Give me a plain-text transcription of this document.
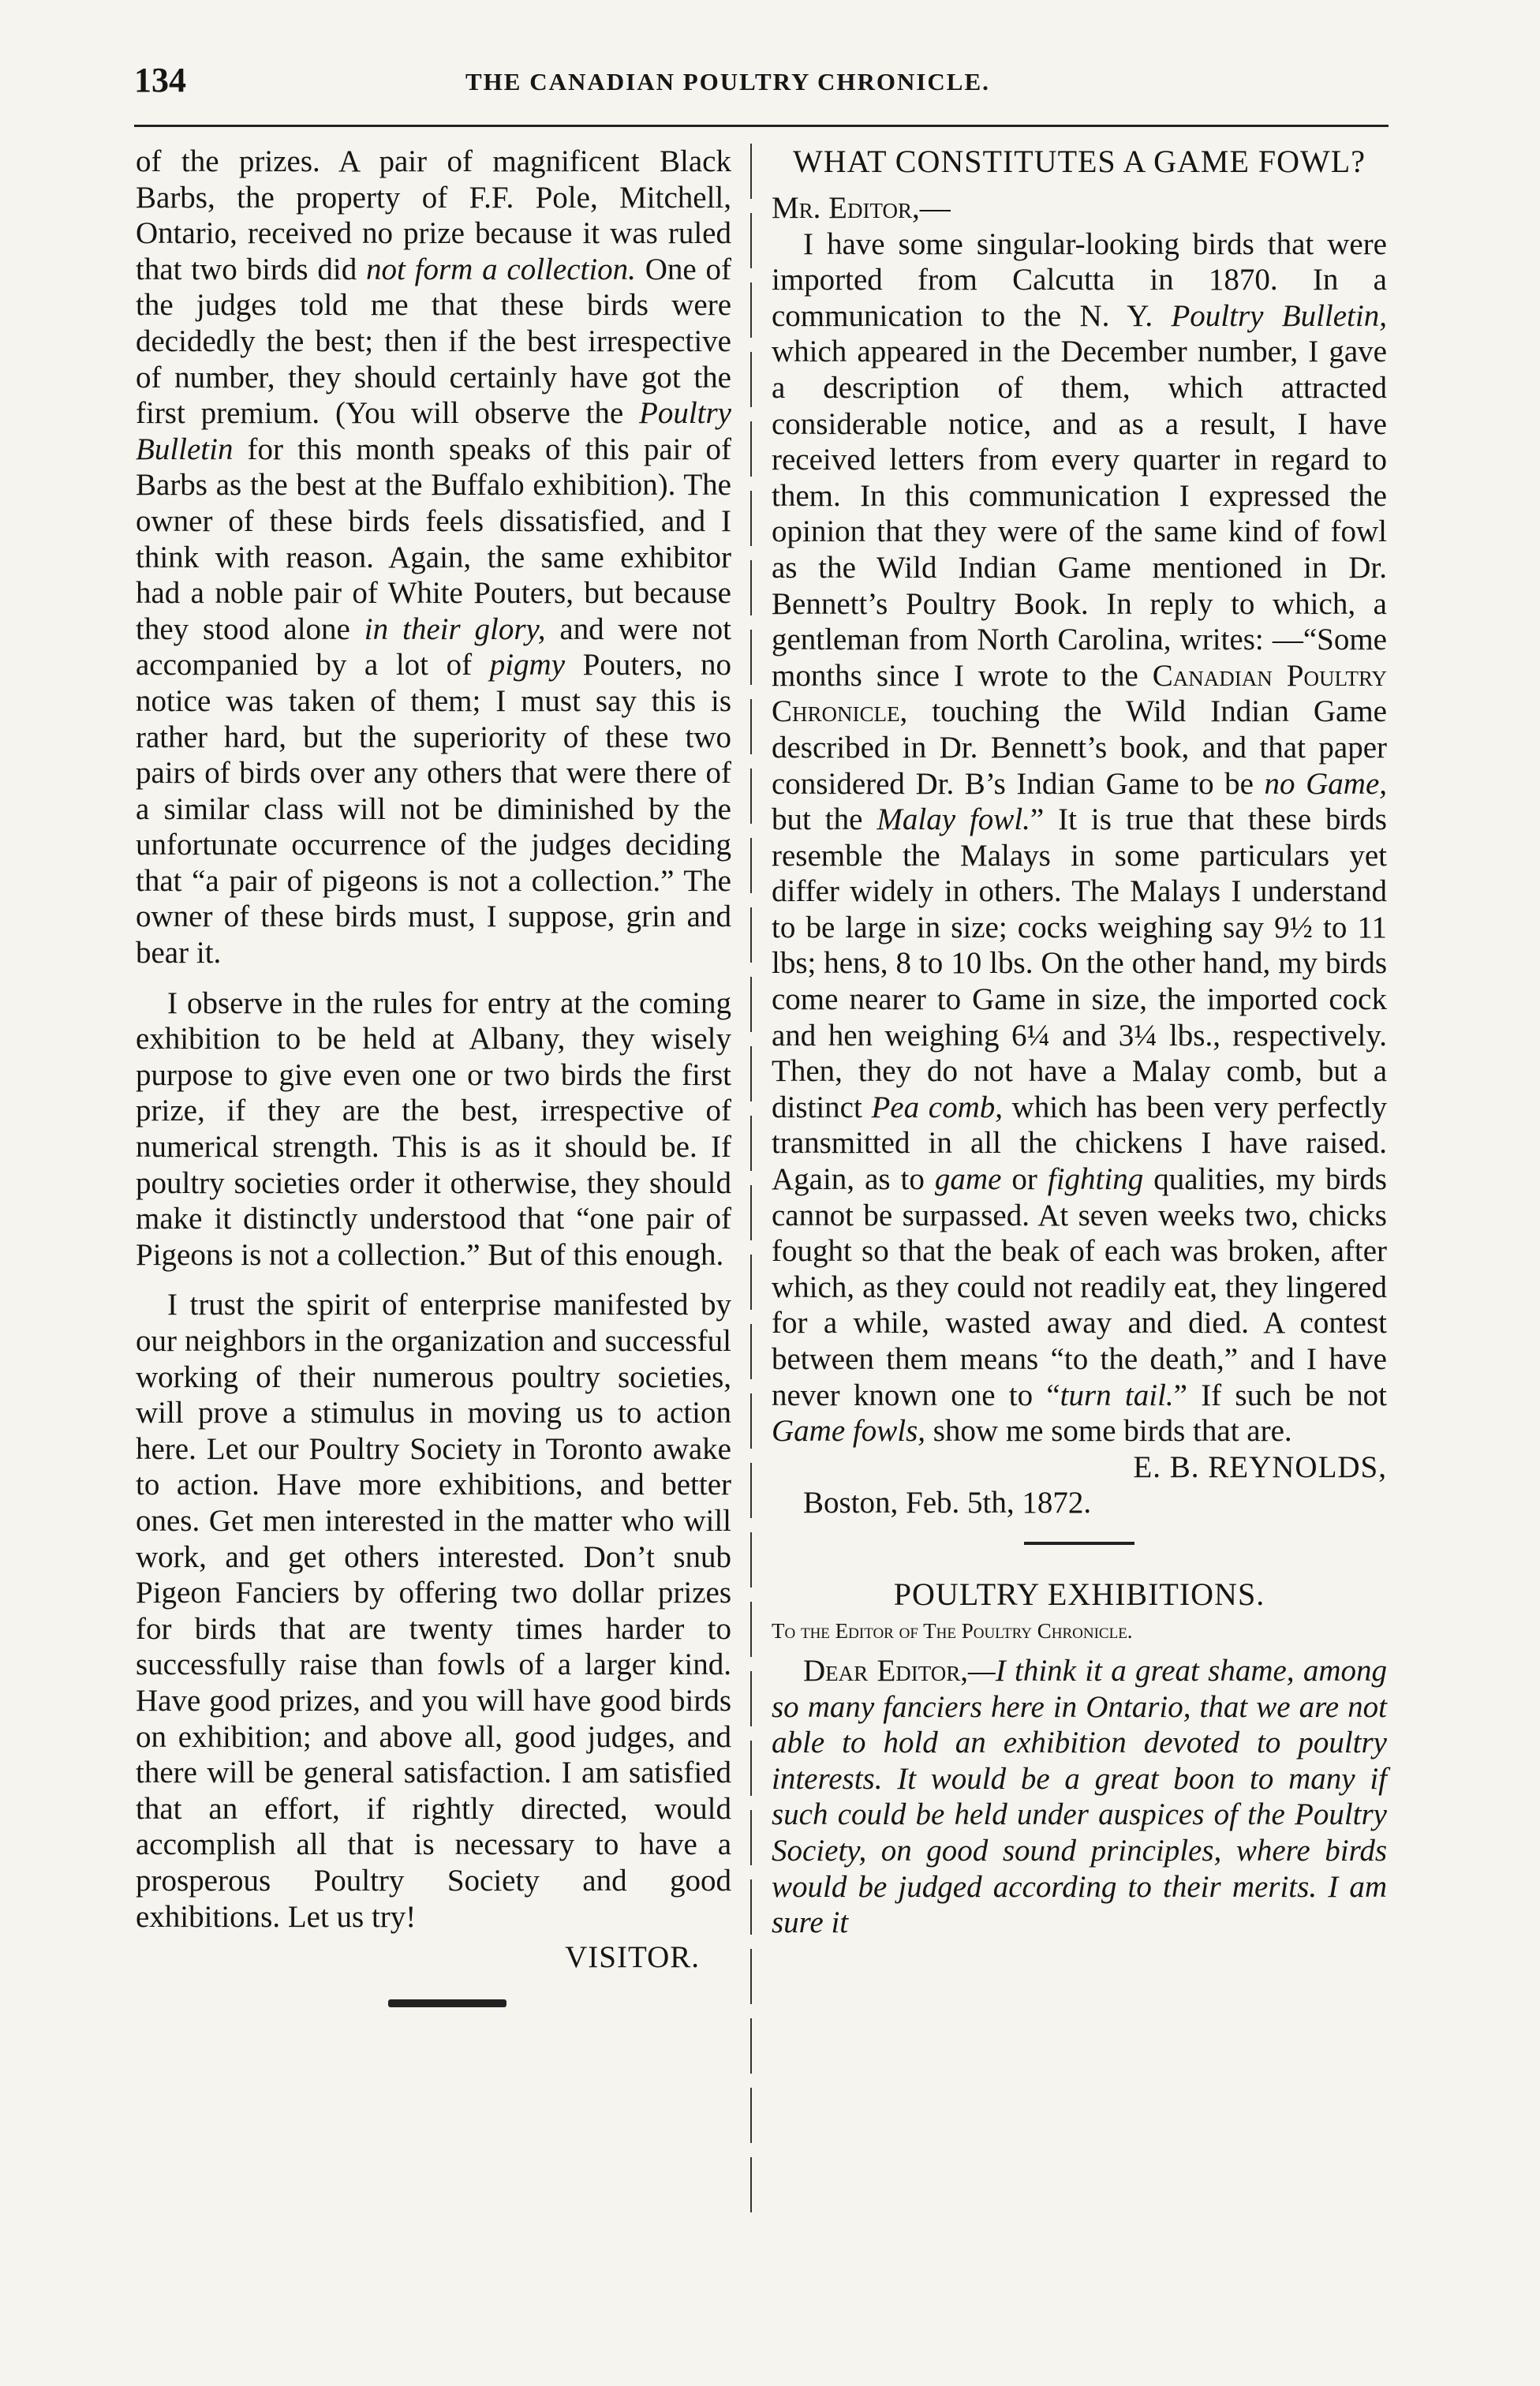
134	THE CANADIAN POULTRY CHRONICLE.

of the prizes. A pair of magnificent Black Barbs, the property of F.F. Pole, Mitchell, Ontario, received no prize because it was ruled that two birds did not form a collection. One of the judges told me that these birds were decidedly the best; then if the best irrespective of number, they should certainly have got the first premium. (You will observe the Poultry Bulletin for this month speaks of this pair of Barbs as the best at the Buffalo exhibition). The owner of these birds feels dissatisfied, and I think with reason. Again, the same exhibitor had a noble pair of White Pouters, but because they stood alone in their glory, and were not accompanied by a lot of pigmy Pouters, no notice was taken of them; I must say this is rather hard, but the superiority of these two pairs of birds over any others that were there of a similar class will not be diminished by the unfortunate occurrence of the judges deciding that “a pair of pigeons is not a collection.” The owner of these birds must, I suppose, grin and bear it.

I observe in the rules for entry at the coming exhibition to be held at Albany, they wisely purpose to give even one or two birds the first prize, if they are the best, irrespective of numerical strength. This is as it should be. If poultry societies order it otherwise, they should make it distinctly understood that “one pair of Pigeons is not a collection.” But of this enough.

I trust the spirit of enterprise manifested by our neighbors in the organization and successful working of their numerous poultry societies, will prove a stimulus in moving us to action here. Let our Poultry Society in Toronto awake to action. Have more exhibitions, and better ones. Get men interested in the matter who will work, and get others interested. Don’t snub Pigeon Fanciers by offering two dollar prizes for birds that are twenty times harder to successfully raise than fowls of a larger kind. Have good prizes, and you will have good birds on exhibition; and above all, good judges, and there will be general satisfaction. I am satisfied that an effort, if rightly directed, would accomplish all that is necessary to have a prosperous Poultry Society and good exhibitions. Let us try!

VISITOR.

WHAT CONSTITUTES A GAME FOWL?

Mr. Editor,—

I have some singular-looking birds that were imported from Calcutta in 1870. In a communication to the N. Y. Poultry Bulletin, which appeared in the December number, I gave a description of them, which attracted considerable notice, and as a result, I have received letters from every quarter in regard to them. In this communication I expressed the opinion that they were of the same kind of fowl as the Wild Indian Game mentioned in Dr. Bennett’s Poultry Book. In reply to which, a gentleman from North Carolina, writes: —“Some months since I wrote to the Canadian Poultry Chronicle, touching the Wild Indian Game described in Dr. Bennett’s book, and that paper considered Dr. B’s Indian Game to be no Game, but the Malay fowl.” It is true that these birds resemble the Malays in some particulars yet differ widely in others. The Malays I understand to be large in size; cocks weighing say 9½ to 11 lbs; hens, 8 to 10 lbs. On the other hand, my birds come nearer to Game in size, the imported cock and hen weighing 6¼ and 3¼ lbs., respectively. Then, they do not have a Malay comb, but a distinct Pea comb, which has been very perfectly transmitted in all the chickens I have raised. Again, as to game or fighting qualities, my birds cannot be surpassed. At seven weeks two, chicks fought so that the beak of each was broken, after which, as they could not readily eat, they lingered for a while, wasted away and died. A contest between them means “to the death,” and I have never known one to “turn tail.” If such be not Game fowls, show me some birds that are.

E. B. REYNOLDS,

Boston, Feb. 5th, 1872.

POULTRY EXHIBITIONS.

To the Editor of The Poultry Chronicle.

Dear Editor,—I think it a great shame, among so many fanciers here in Ontario, that we are not able to hold an exhibition devoted to poultry interests. It would be a great boon to many if such could be held under auspices of the Poultry Society, on good sound principles, where birds would be judged according to their merits. I am sure it
